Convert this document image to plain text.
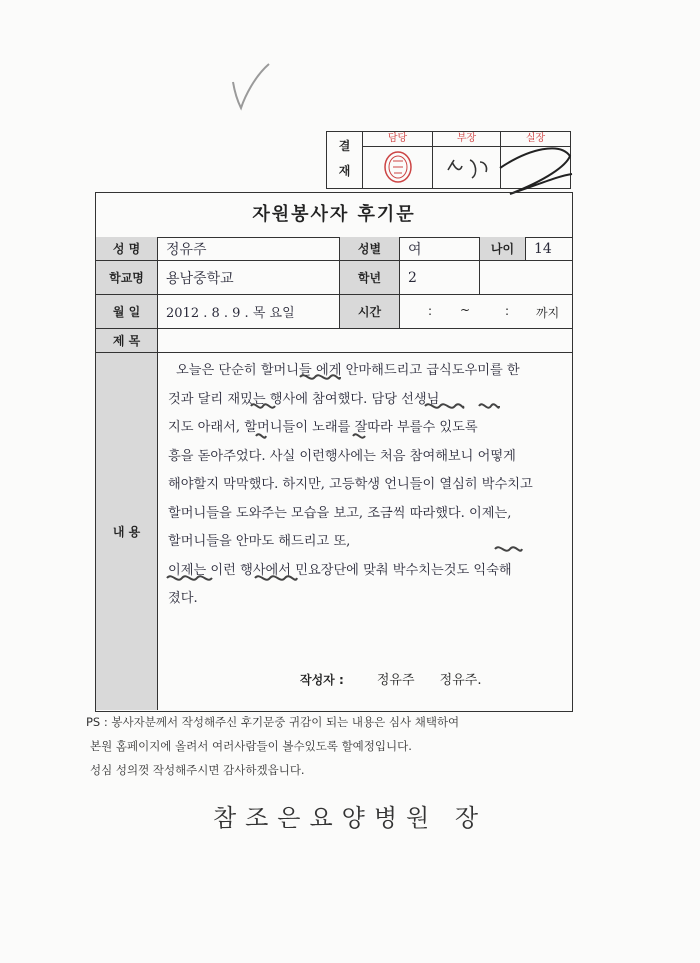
결
재
담당	부장	실장
자원봉사자 후기문
성 명	정유주	성별	여	나이	14
학교명	용남중학교	학년	2
월 일	2012 . 8 . 9 . 목 요일	시간	: ~	: 까지
제 목
내 용
오늘은 단순히 할머니들 에게 안마해드리고 급식도우미를 한
것과 달리 재밌는 행사에 참여했다. 담당 선생님
지도 아래서, 할머니들이 노래를 잘따라 부를수 있도록
흥을 돋아주었다. 사실 이런행사에는 처음 참여해보니 어떻게
해야할지 막막했다. 하지만, 고등학생 언니들이 열심히 박수치고
할머니들을 도와주는 모습을 보고, 조금씩 따라했다. 이제는,
할머니들을 안마도 해드리고 또,
이제는 이런 행사에서 민요장단에 맞춰 박수치는것도 익숙해
졌다.
작성자 :	정유주 정유주.
PS : 봉사자분께서 작성해주신 후기문중 귀감이 되는 내용은 심사 채택하여
본원 홈페이지에 올려서 여러사람들이 볼수있도록 할예정입니다.
성심 성의껏 작성해주시면 감사하겠읍니다.
참조은요양병원 장
